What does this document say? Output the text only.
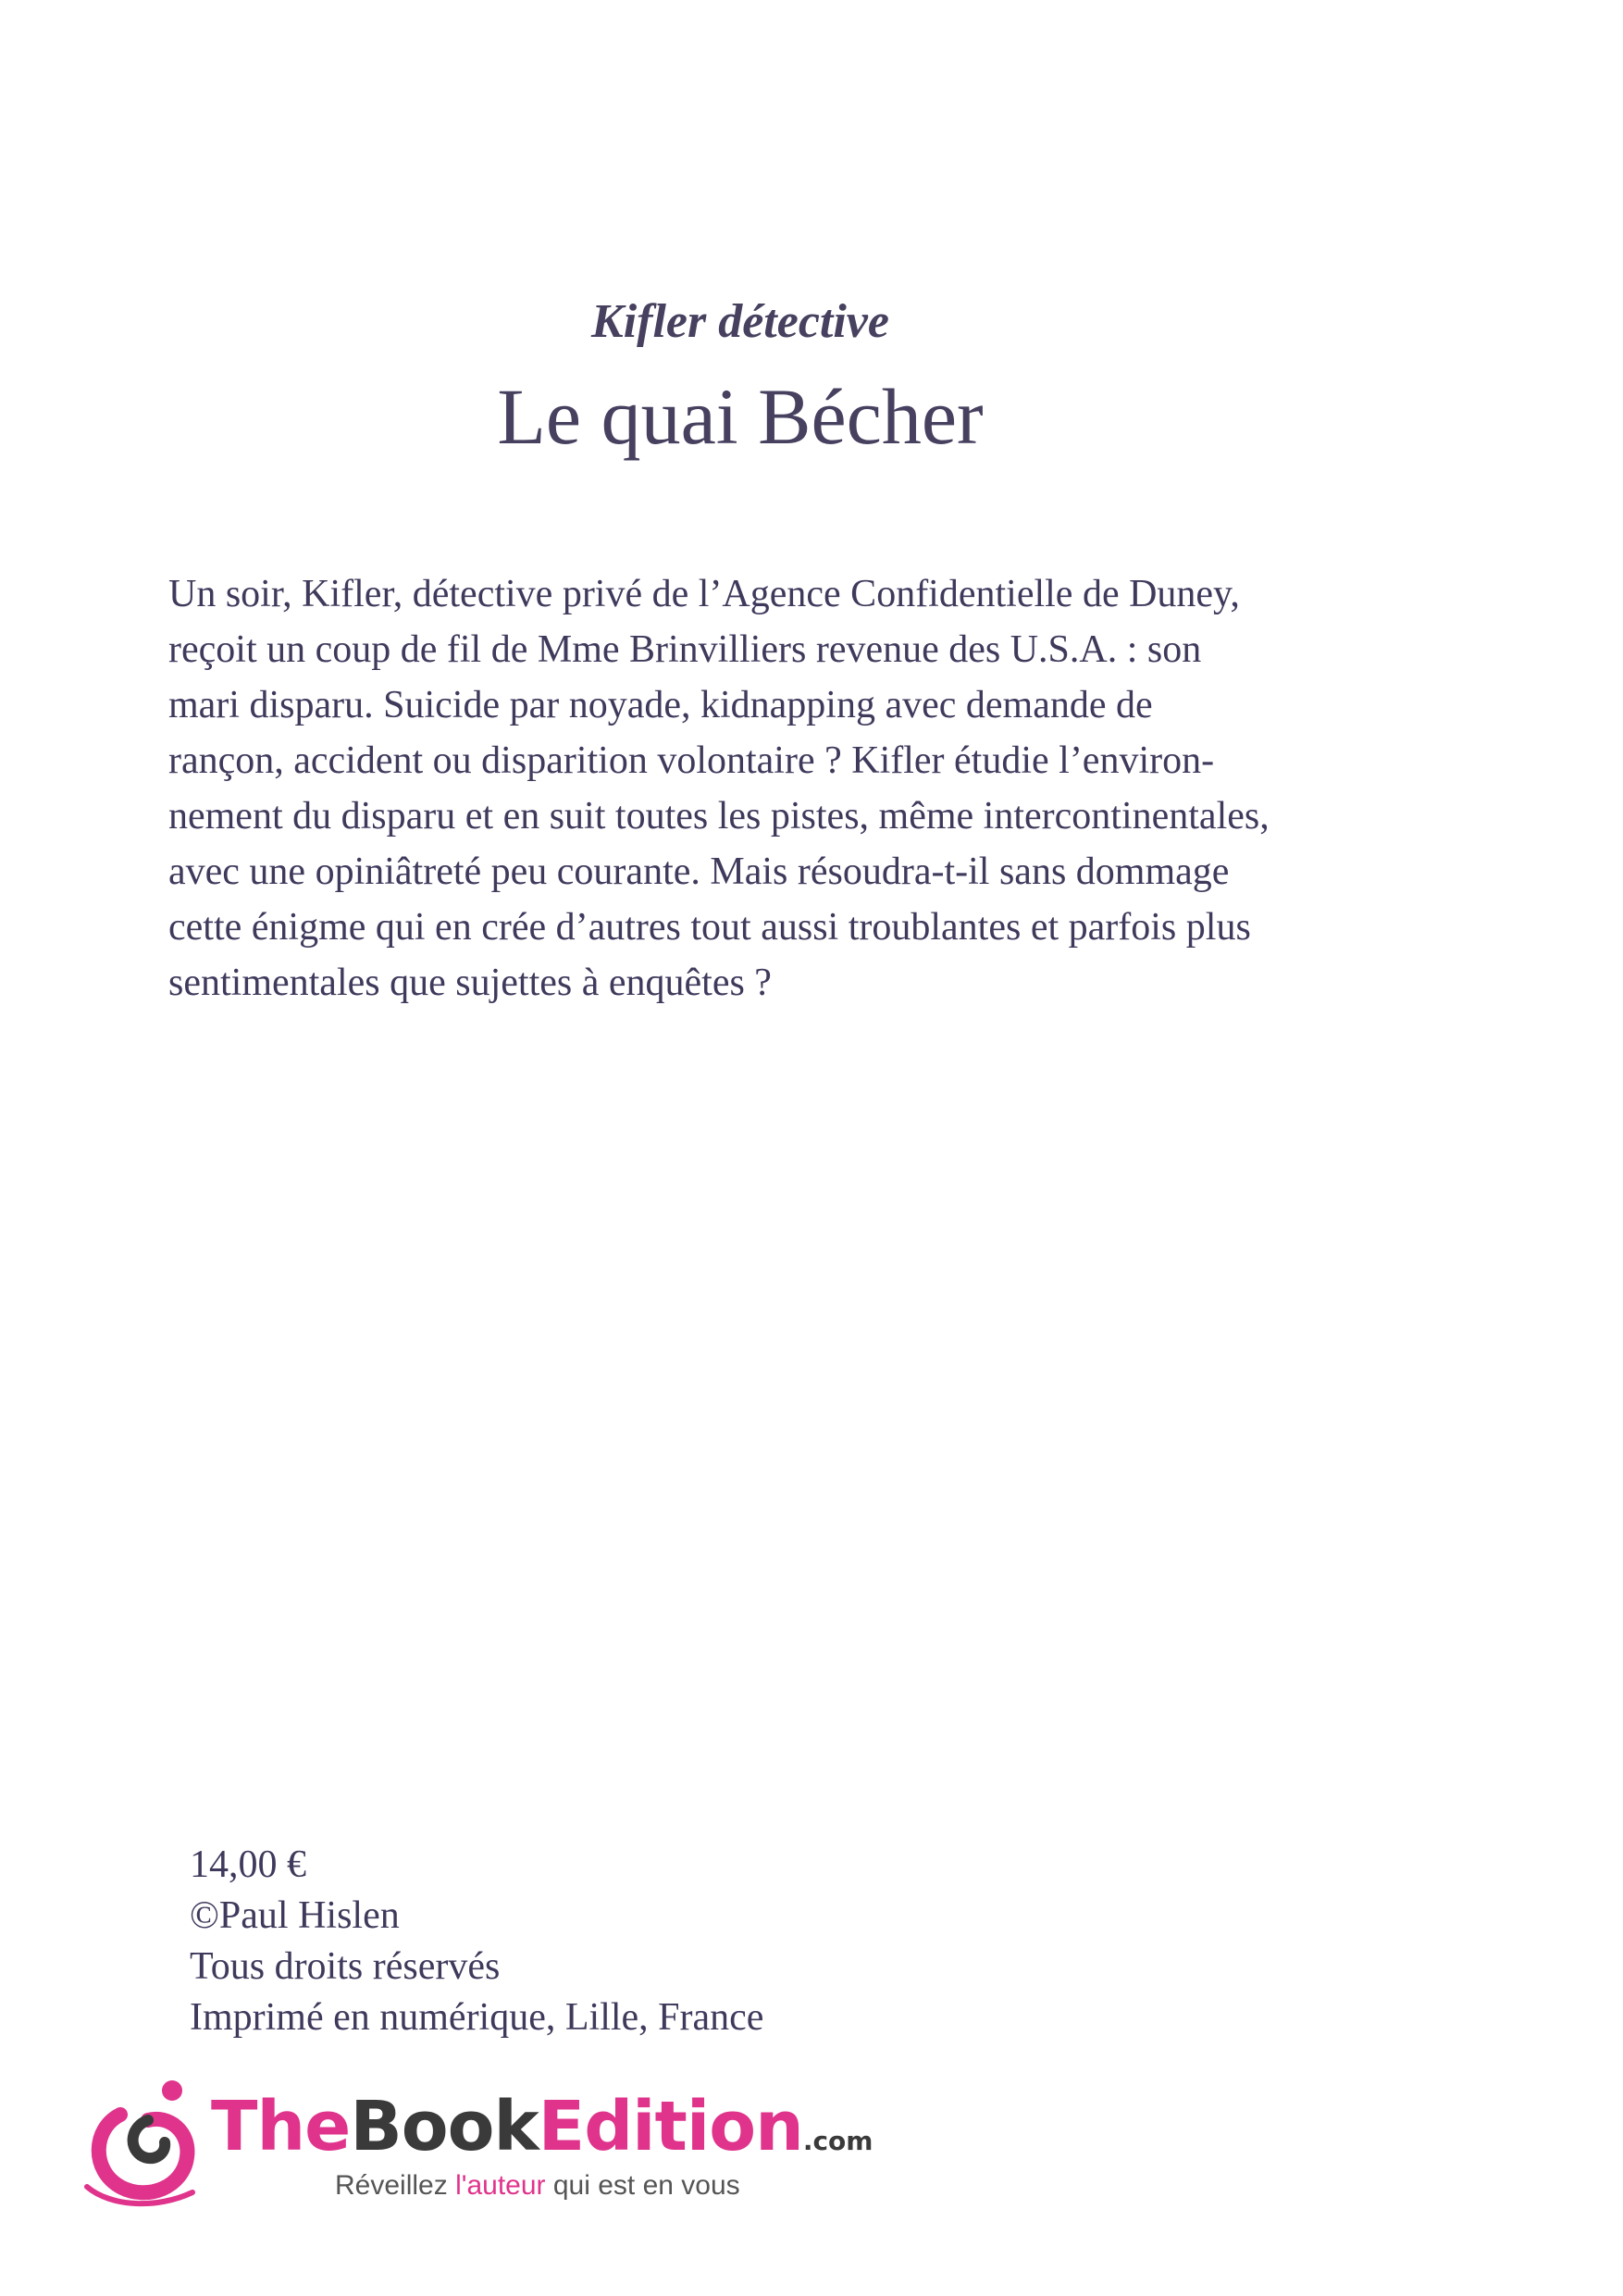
Kifler détective
Le quai Bécher
Un soir, Kifler, détective privé de l’Agence Confidentielle de Duney,
reçoit un coup de fil de Mme Brinvilliers revenue des U.S.A. : son
mari disparu. Suicide par noyade, kidnapping avec demande de
rançon, accident ou disparition volontaire ? Kifler étudie l’environ-
nement du disparu et en suit toutes les pistes, même intercontinentales,
avec une opiniâtreté peu courante. Mais résoudra-t-il sans dommage
cette énigme qui en crée d’autres tout aussi troublantes et parfois plus
sentimentales que sujettes à enquêtes ?
14,00 €
©Paul Hislen
Tous droits réservés
Imprimé en numérique, Lille, France
TheBookEdition.com
Réveillez l'auteur qui est en vous
